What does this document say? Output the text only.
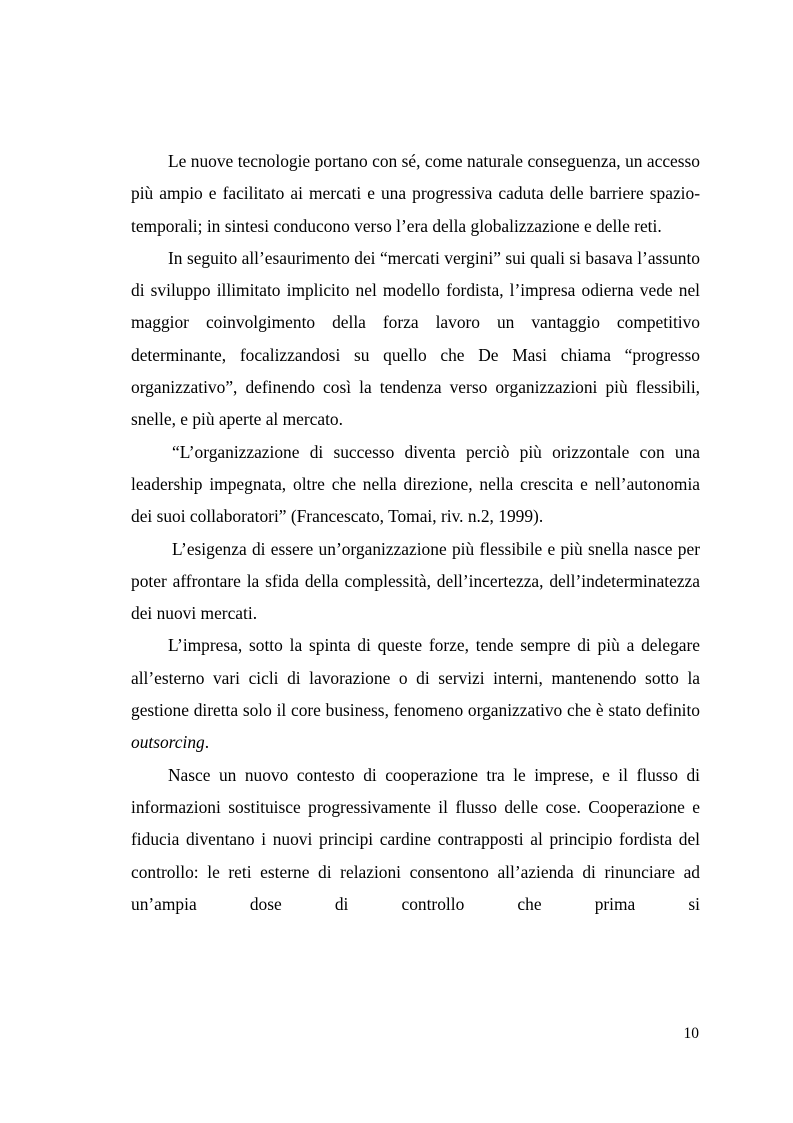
Le nuove tecnologie portano con sé, come naturale conseguenza, un accesso più ampio e facilitato ai mercati e una progressiva caduta delle barriere spazio-temporali; in sintesi conducono verso l’era della globalizzazione e delle reti.

In seguito all’esaurimento dei “mercati vergini” sui quali si basava l’assunto di sviluppo illimitato implicito nel modello fordista, l’impresa odierna vede nel maggior coinvolgimento della forza lavoro un vantaggio competitivo determinante, focalizzandosi su quello che De Masi chiama “progresso organizzativo”, definendo così la tendenza verso organizzazioni più flessibili, snelle, e più aperte al mercato.

“L’organizzazione di successo diventa perciò più orizzontale con una leadership impegnata, oltre che nella direzione, nella crescita e nell’autonomia dei suoi collaboratori” (Francescato, Tomai, riv. n.2, 1999).

L’esigenza di essere un’organizzazione più flessibile e più snella nasce per poter affrontare la sfida della complessità, dell’incertezza, dell’indeterminatezza dei nuovi mercati.

L’impresa, sotto la spinta di queste forze, tende sempre di più a delegare all’esterno vari cicli di lavorazione o di servizi interni, mantenendo sotto la gestione diretta solo il core business, fenomeno organizzativo che è stato definito outsorcing.

Nasce un nuovo contesto di cooperazione tra le imprese, e il flusso di informazioni sostituisce progressivamente il flusso delle cose. Cooperazione e fiducia diventano i nuovi principi cardine contrapposti al principio fordista del controllo: le reti esterne di relazioni consentono all’azienda di rinunciare ad un’ampia dose di controllo che prima si

10
